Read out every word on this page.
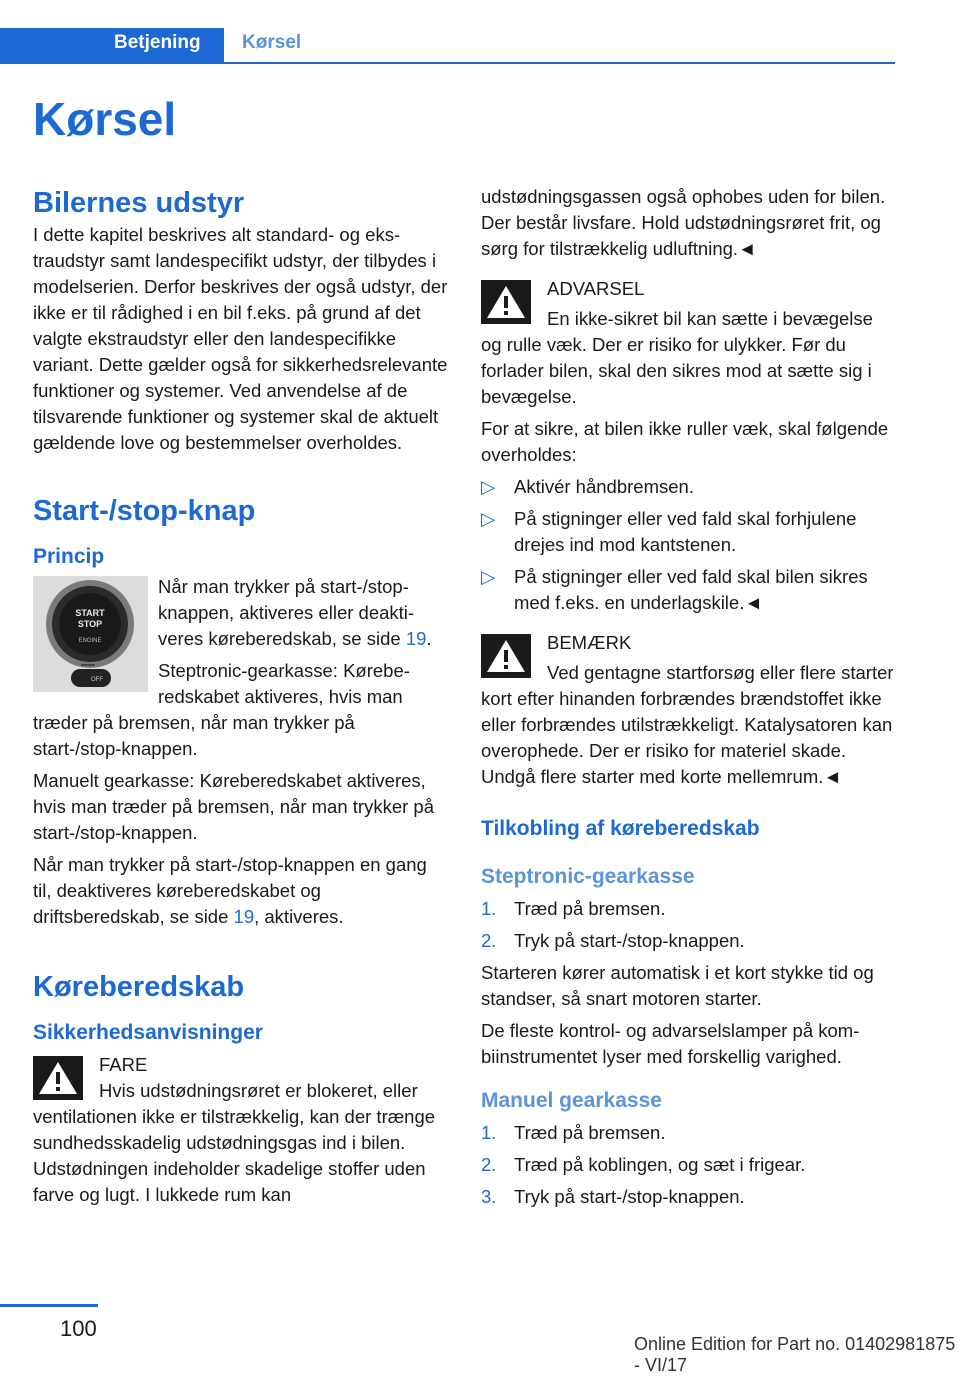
Betjening	Kørsel
Kørsel
Bilernes udstyr

I dette kapitel beskrives alt standard- og ekstraudstyr samt landespecifikt udstyr, der tilbydes i modelserien. Derfor beskrives der også udstyr, der ikke er til rådighed i en bil f.eks. på grund af det valgte ekstraudstyr eller den landespecifikke variant. Dette gælder også for sikkerhedsrelevante funktioner og systemer. Ved anvendelse af de tilsvarende funktioner og systemer skal de aktuelt gældende love og bestemmelser overholdes.

Start-/stop-knap
Princip
START
STOP
ENGINE
OFF

Når man trykker på start-/stop-knappen, aktiveres eller deaktiveres køreberedskab, se side 19.

Steptronic-gearkasse: Køreberedskabet aktiveres, hvis man træder på bremsen, når man trykker på start-/stop-knappen.

Manuelt gearkasse: Køreberedskabet aktiveres, hvis man træder på bremsen, når man trykker på start-/stop-knappen.

Når man trykker på start-/stop-knappen en gang til, deaktiveres køreberedskabet og driftsberedskab, se side 19, aktiveres.

Køreberedskab
Sikkerhedsanvisninger

FARE

Hvis udstødningsrøret er blokeret, eller ventilationen ikke er tilstrækkelig, kan der trænge sundhedsskadelig udstødningsgas ind i bilen. Udstødningen indeholder skadelige stoffer uden farve og lugt. I lukkede rum kan

udstødningsgassen også ophobes uden for bilen. Der består livsfare. Hold udstødningsrøret frit, og sørg for tilstrækkelig udluftning.◄

ADVARSEL

En ikke-sikret bil kan sætte i bevægelse og rulle væk. Der er risiko for ulykker. Før du forlader bilen, skal den sikres mod at sætte sig i bevægelse.

For at sikre, at bilen ikke ruller væk, skal følgende overholdes:

▷ Aktivér håndbremsen.
▷ På stigninger eller ved fald skal forhjulene drejes ind mod kantstenen.
▷ På stigninger eller ved fald skal bilen sikres med f.eks. en underlagskile.◄

BEMÆRK

Ved gentagne startforsøg eller flere starter kort efter hinanden forbrændes brændstoffet ikke eller forbrændes utilstrækkeligt. Katalysatoren kan overophede. Der er risiko for materiel skade. Undgå flere starter med korte mellemrum.◄

Tilkobling af køreberedskab
Steptronic-gearkasse
1. Træd på bremsen.
2. Tryk på start-/stop-knappen.

Starteren kører automatisk i et kort stykke tid og standser, så snart motoren starter.

De fleste kontrol- og advarselslamper på kombiinstrumentet lyser med forskellig varighed.

Manuel gearkasse
1. Træd på bremsen.
2. Træd på koblingen, og sæt i frigear.
3. Tryk på start-/stop-knappen.
100
Online Edition for Part no. 01402981875 - VI/17
